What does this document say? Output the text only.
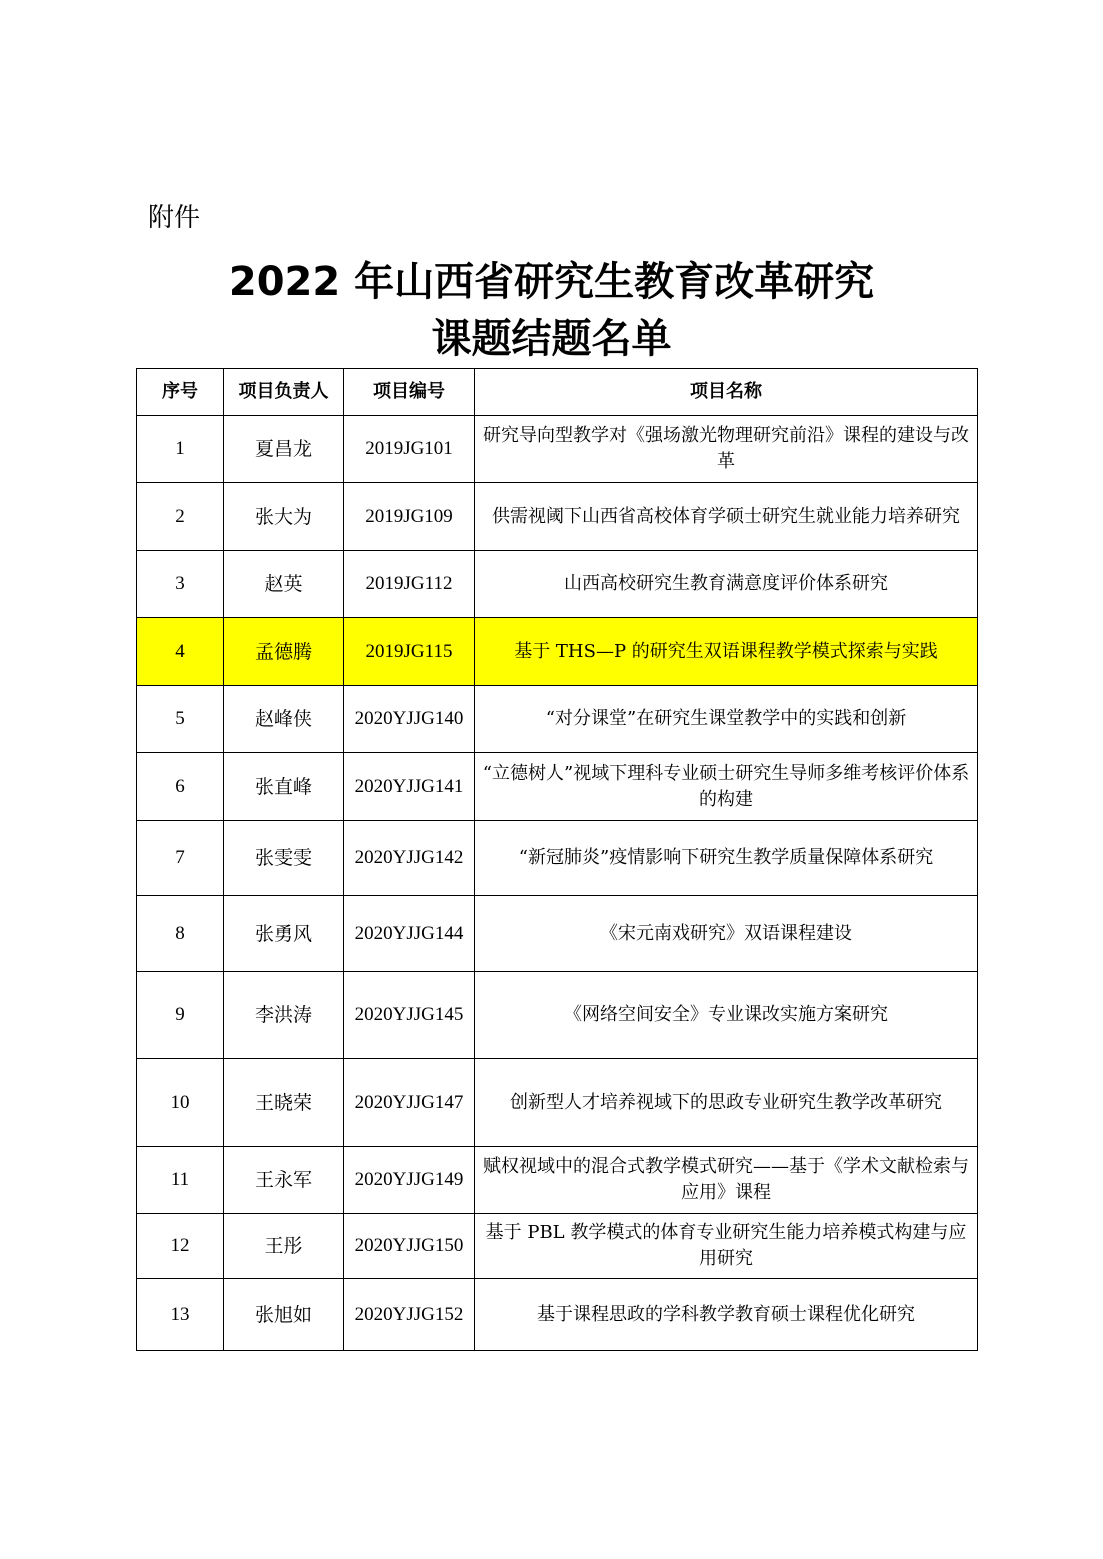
附件
2022 年山西省研究生教育改革研究
课题结题名单
序号	项目负责人	项目编号	项目名称
1	夏昌龙	2019JG101	研究导向型教学对《强场激光物理研究前沿》课程的建设与改革
2	张大为	2019JG109	供需视阈下山西省高校体育学硕士研究生就业能力培养研究
3	赵英	2019JG112	山西高校研究生教育满意度评价体系研究
4	孟德腾	2019JG115	基于 THS—P 的研究生双语课程教学模式探索与实践
5	赵峰侠	2020YJJG140	“对分课堂”在研究生课堂教学中的实践和创新
6	张直峰	2020YJJG141	“立德树人”视域下理科专业硕士研究生导师多维考核评价体系的构建
7	张雯雯	2020YJJG142	“新冠肺炎”疫情影响下研究生教学质量保障体系研究
8	张勇风	2020YJJG144	《宋元南戏研究》双语课程建设
9	李洪涛	2020YJJG145	《网络空间安全》专业课改实施方案研究
10	王晓荣	2020YJJG147	创新型人才培养视域下的思政专业研究生教学改革研究
11	王永军	2020YJJG149	赋权视域中的混合式教学模式研究——基于《学术文献检索与应用》课程
12	王彤	2020YJJG150	基于 PBL 教学模式的体育专业研究生能力培养模式构建与应用研究
13	张旭如	2020YJJG152	基于课程思政的学科教学教育硕士课程优化研究
